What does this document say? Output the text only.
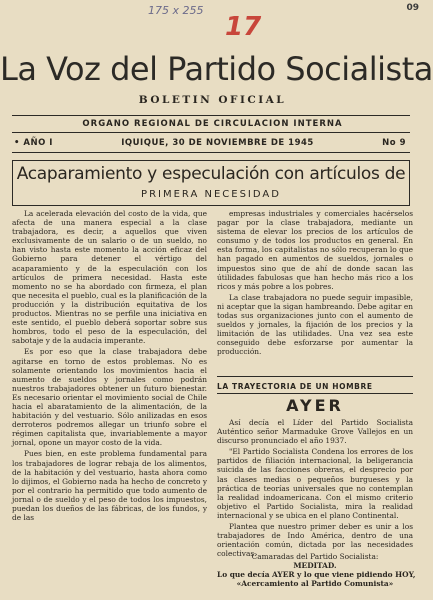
175 x 255
17
09
La Voz del Partido Socialista
BOLETIN OFICIAL
ORGANO REGIONAL DE CIRCULACION INTERNA
• AÑO I	IQUIQUE, 30 DE NOVIEMBRE DE 1945	No 9
Acaparamiento y especulación con artículos de
PRIMERA NECESIDAD

La acelerada elevación del costo de la vida, que afecta de una manera especial a la clase trabajadora, es decir, a aquellos que viven exclusivamente de un salario o de un sueldo, no han visto hasta este momento la acción eficaz del Gobierno para detener el vértigo del acaparamiento y de la especulación con los artículos de primera necesidad. Hasta este momento no se ha abordado con firmeza, el plan que necesita el pueblo, cual es la planificación de la producción y la distribución equitativa de los productos. Mientras no se perfile una iniciativa en este sentido, el pueblo deberá soportar sobre sus hombros, todo el peso de la especulación, del sabotaje y de la audacia imperante.

Es por eso que la clase trabajadora debe agitarse en torno de estos problemas. No es solamente orientando los movimientos hacia el aumento de sueldos y jornales como podrán nuestros trabajadores obtener un futuro bienestar. Es necesario orientar el movimiento social de Chile hacia el abaratamiento de la alimentación, de la habitación y del vestuario. Sólo anilizadas en esos derroteros podremos allegar un triunfo sobre el régimen capitalista que, invariablemente a mayor jornal, opone un mayor costo de la vida.

Pues bien, en este problema fundamental para los trabajadores de lograr rebaja de los alimentos, de la habitación y del vestuario, hasta ahora como lo dijimos, el Gobierno nada ha hecho de concreto y por el contrario ha permitido que todo aumento de jornal o de sueldo y el peso de todos los impuestos, puedan los dueños de las fábricas, de los fundos, y de las

empresas industriales y comerciales hacérselos pagar por la clase trabajadora, mediante un sistema de elevar los precios de los artículos de consumo y de todos los productos en general. En esta forma, los capitalistas no sólo recuperan lo que han pagado en aumentos de sueldos, jornales o impuestos sino que de ahí de donde sacan las útilidades fabulosas que han hecho más rico a los ricos y más pobre a los pobres.

La clase trabajadora no puede seguir impasible, ni aceptar que la sigan hambreando. Debe agitar en todas sus organizaciones junto con el aumento de sueldos y jornales, la fijación de los precios y la limitación de las utilidades. Una vez sea este conseguido debe esforzarse por aumentar la producción.

LA TRAYECTORIA DE UN HOMBRE
AYER

Así decía el Líder del Partido Socialista Auténtico señor Marmaduke Grove Vallejos en un discurso pronunciado el año 1937.

"El Partido Socialista Condena los errores de los partidos de filiación internacional, la beligerancia suicida de las facciones obreras, el desprecio por las clases medias o pequeños burgueses y la práctica de teorías universales que no contemplan la realidad indoamericana. Con el mismo criterio objetivo el Partido Socialista, mira la realidad internacional y se ubica en el plano Continental.

Plantea que nuestro primer deber es unir a los trabajadores de Indo América, dentro de una orientación común, dictada por las necesidades colectivas.

Camaradas del Partido Socialista:
MEDITAD.
Lo que decía AYER y lo que viene pidiendo HOY,
«Acercamiento al Partido Comunista»
